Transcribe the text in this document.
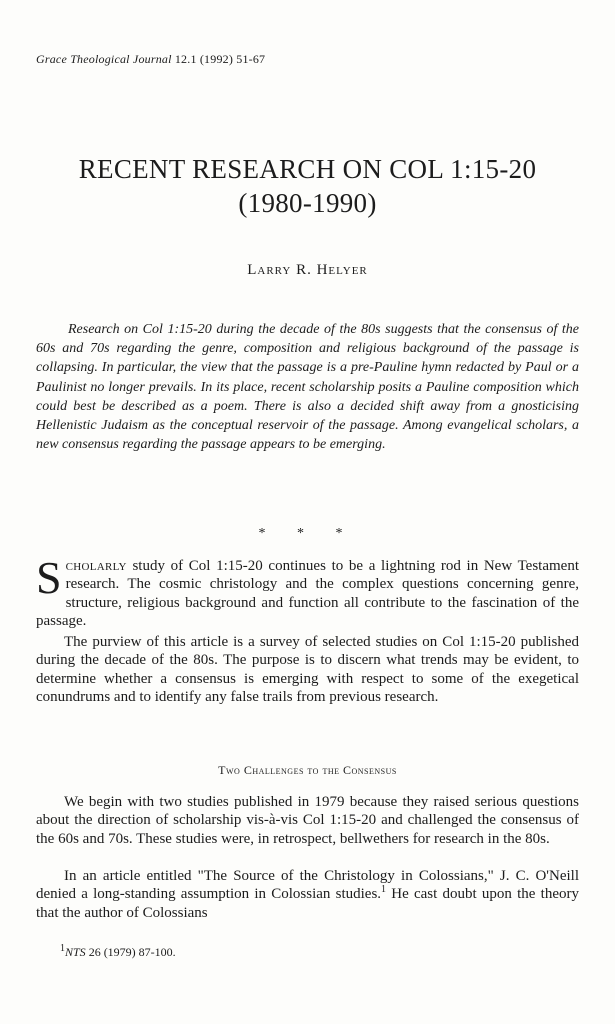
Grace Theological Journal 12.1 (1992) 51-67
RECENT RESEARCH ON COL 1:15-20
(1980-1990)
Larry R. Helyer

Research on Col 1:15-20 during the decade of the 80s suggests that the consensus of the 60s and 70s regarding the genre, composition and religious background of the passage is collapsing. In particular, the view that the passage is a pre-Pauline hymn redacted by Paul or a Paulinist no longer prevails. In its place, recent scholarship posits a Pauline composition which could best be described as a poem. There is also a decided shift away from a gnosticising Hellenistic Judaism as the conceptual reservoir of the passage. Among evangelical scholars, a new consensus regarding the passage appears to be emerging.

* * *

Scholarly study of Col 1:15-20 continues to be a lightning rod in New Testament research. The cosmic christology and the complex questions concerning genre, structure, religious background and function all contribute to the fascination of the passage.

The purview of this article is a survey of selected studies on Col 1:15-20 published during the decade of the 80s. The purpose is to discern what trends may be evident, to determine whether a consensus is emerging with respect to some of the exegetical conundrums and to identify any false trails from previous research.

Two Challenges to the Consensus

We begin with two studies published in 1979 because they raised serious questions about the direction of scholarship vis-à-vis Col 1:15-20 and challenged the consensus of the 60s and 70s. These studies were, in retrospect, bellwethers for research in the 80s.

In an article entitled "The Source of the Christology in Colossians," J. C. O'Neill denied a long-standing assumption in Colossian studies.$^1$ He cast doubt upon the theory that the author of Colossians

$^1$NTS 26 (1979) 87-100.
